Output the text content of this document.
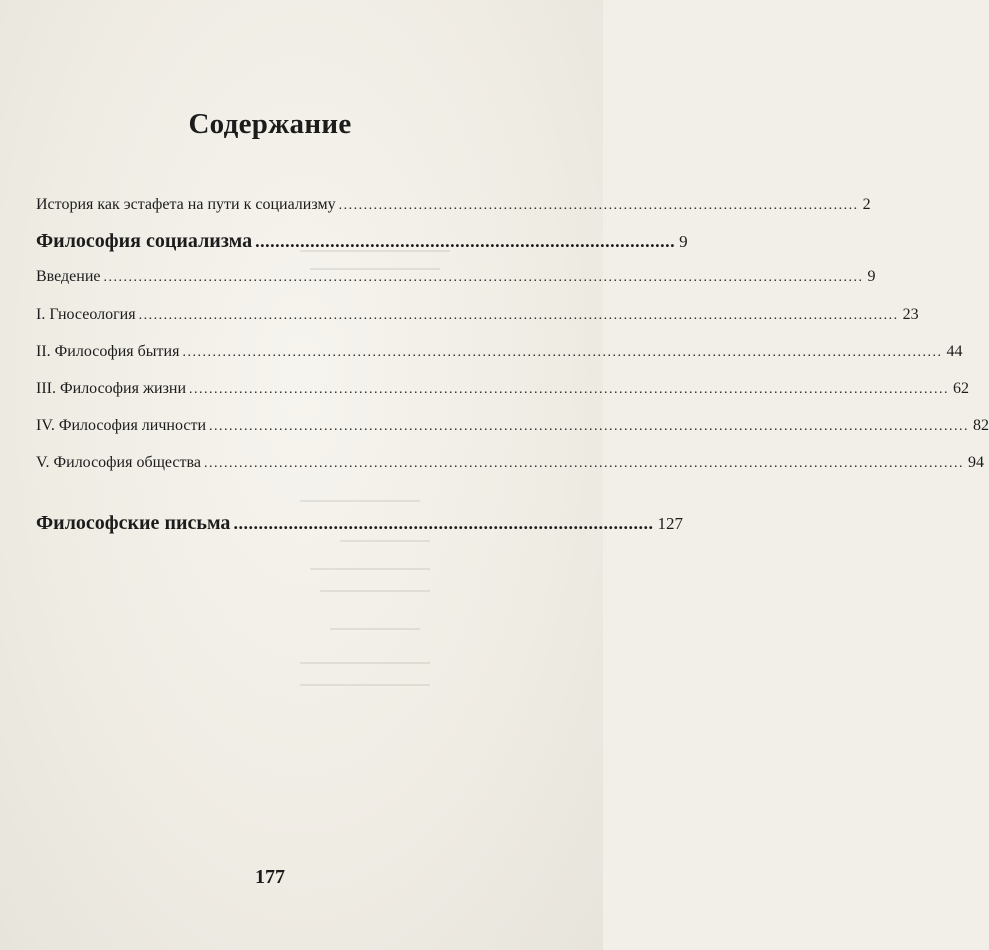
Содержание
История как эстафета на пути к социализму ........................................................................................................ 2
Философия социализма .................................................................................... 9
Введение ........................................................................................................................................................ 9
I. Гносеология ........................................................................................................................................................ 23
II. Философия бытия ........................................................................................................................................................ 44
III. Философия жизни ........................................................................................................................................................ 62
IV. Философия личности ........................................................................................................................................................ 82
V. Философия общества ........................................................................................................................................................ 94
Философские письма .................................................................................... 127
177
